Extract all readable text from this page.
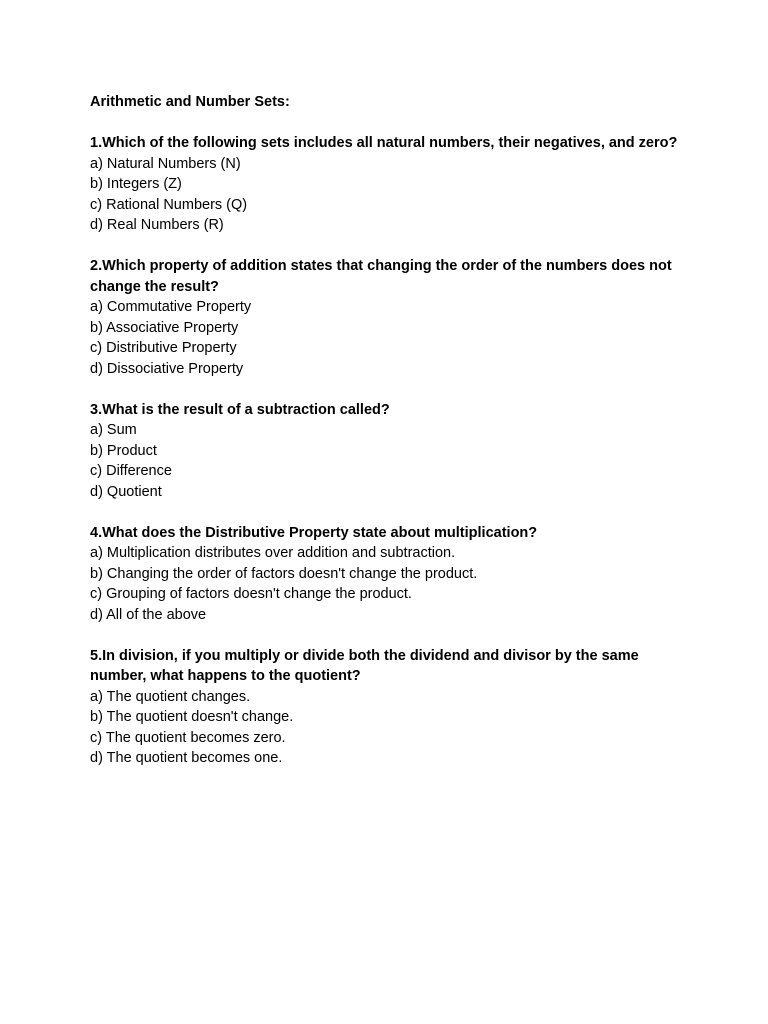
Arithmetic and Number Sets:

1.Which of the following sets includes all natural numbers, their negatives, and zero?

a) Natural Numbers (N)

b) Integers (Z)

c) Rational Numbers (Q)

d) Real Numbers (R)

2.Which property of addition states that changing the order of the numbers does not change the result?

a) Commutative Property

b) Associative Property

c) Distributive Property

d) Dissociative Property

3.What is the result of a subtraction called?

a) Sum

b) Product

c) Difference

d) Quotient

4.What does the Distributive Property state about multiplication?

a) Multiplication distributes over addition and subtraction.

b) Changing the order of factors doesn't change the product.

c) Grouping of factors doesn't change the product.

d) All of the above

5.In division, if you multiply or divide both the dividend and divisor by the same number, what happens to the quotient?

a) The quotient changes.

b) The quotient doesn't change.

c) The quotient becomes zero.

d) The quotient becomes one.
